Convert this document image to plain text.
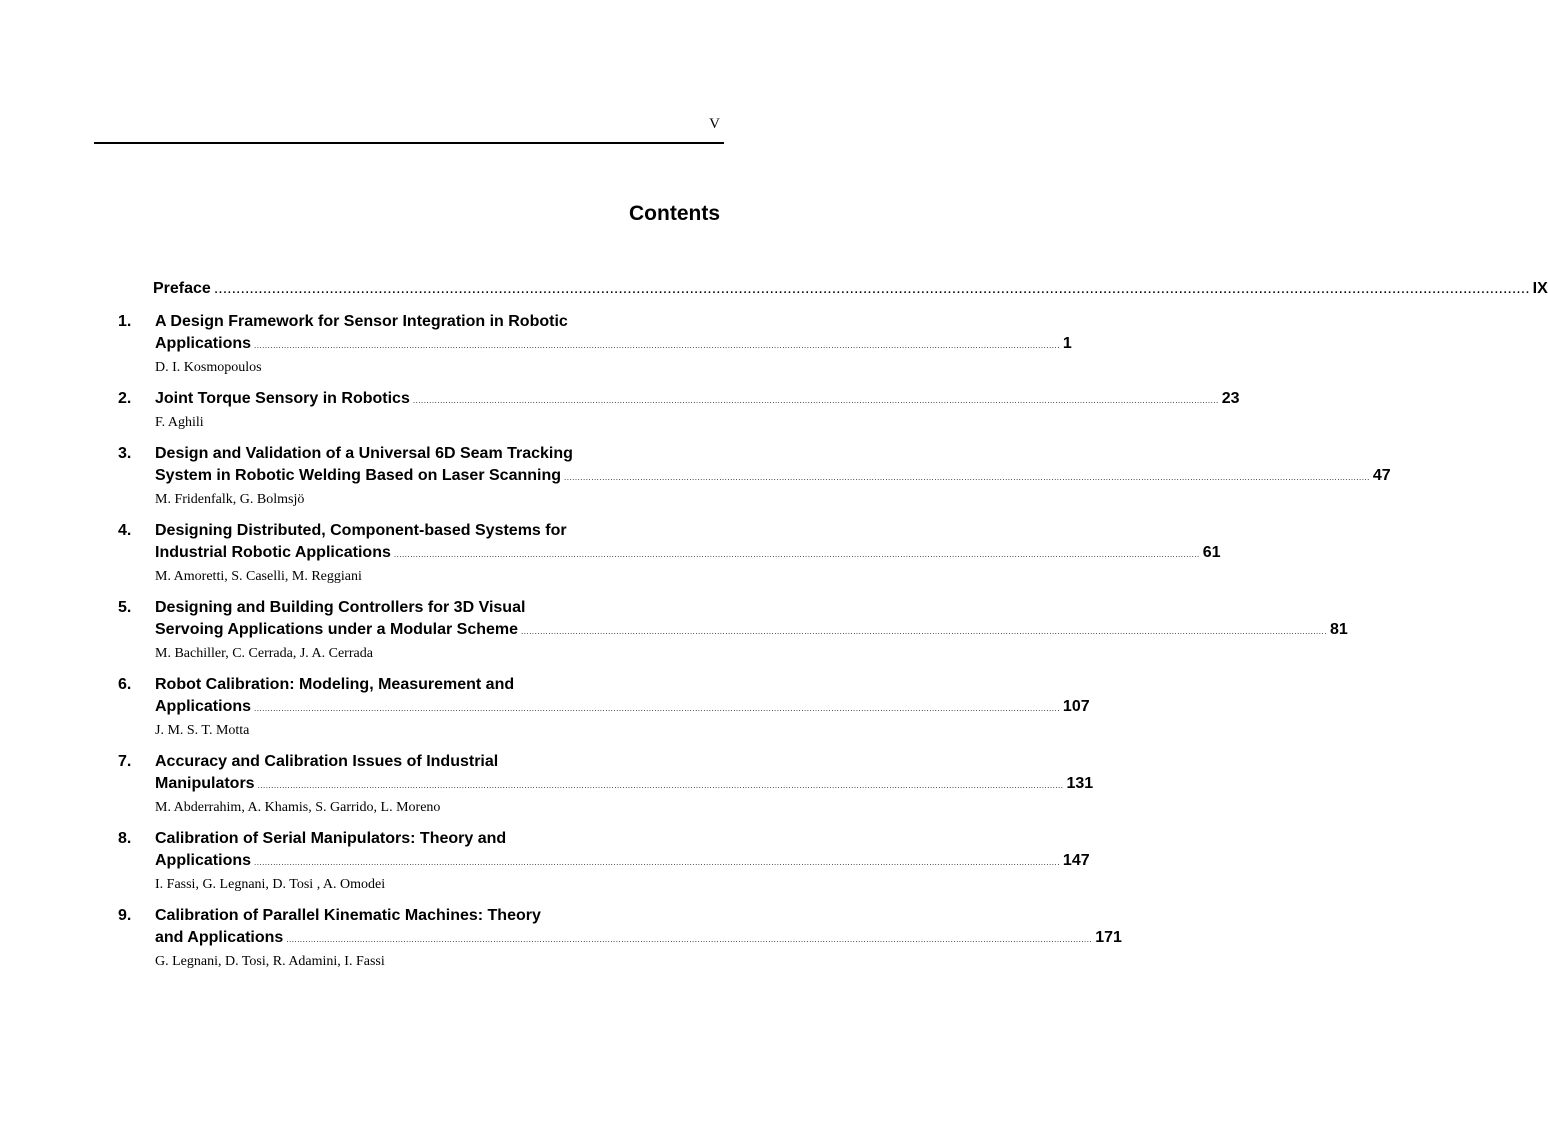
V
Contents
Preface .....	IX
1.	A Design Framework for Sensor Integration in Robotic
Applications .....	1
D. I. Kosmopoulos
2.	Joint Torque Sensory in Robotics .....	23
F. Aghili
3.	Design and Validation of a Universal 6D Seam Tracking
System in Robotic Welding Based on Laser Scanning .....	47
M. Fridenfalk, G. Bolmsjö
4.	Designing Distributed, Component-based Systems for
Industrial Robotic Applications .....	61
M. Amoretti, S. Caselli, M. Reggiani
5.	Designing and Building Controllers for 3D Visual
Servoing Applications under a Modular Scheme .....	81
M. Bachiller, C. Cerrada, J. A. Cerrada
6.	Robot Calibration: Modeling, Measurement and
Applications .....	107
J. M. S. T. Motta
7.	Accuracy and Calibration Issues of Industrial
Manipulators .....	131
M. Abderrahim, A. Khamis, S. Garrido, L. Moreno
8.	Calibration of Serial Manipulators: Theory and
Applications .....	147
I. Fassi, G. Legnani, D. Tosi , A. Omodei
9.	Calibration of Parallel Kinematic Machines: Theory
and Applications .....	171
G. Legnani, D. Tosi, R. Adamini, I. Fassi
